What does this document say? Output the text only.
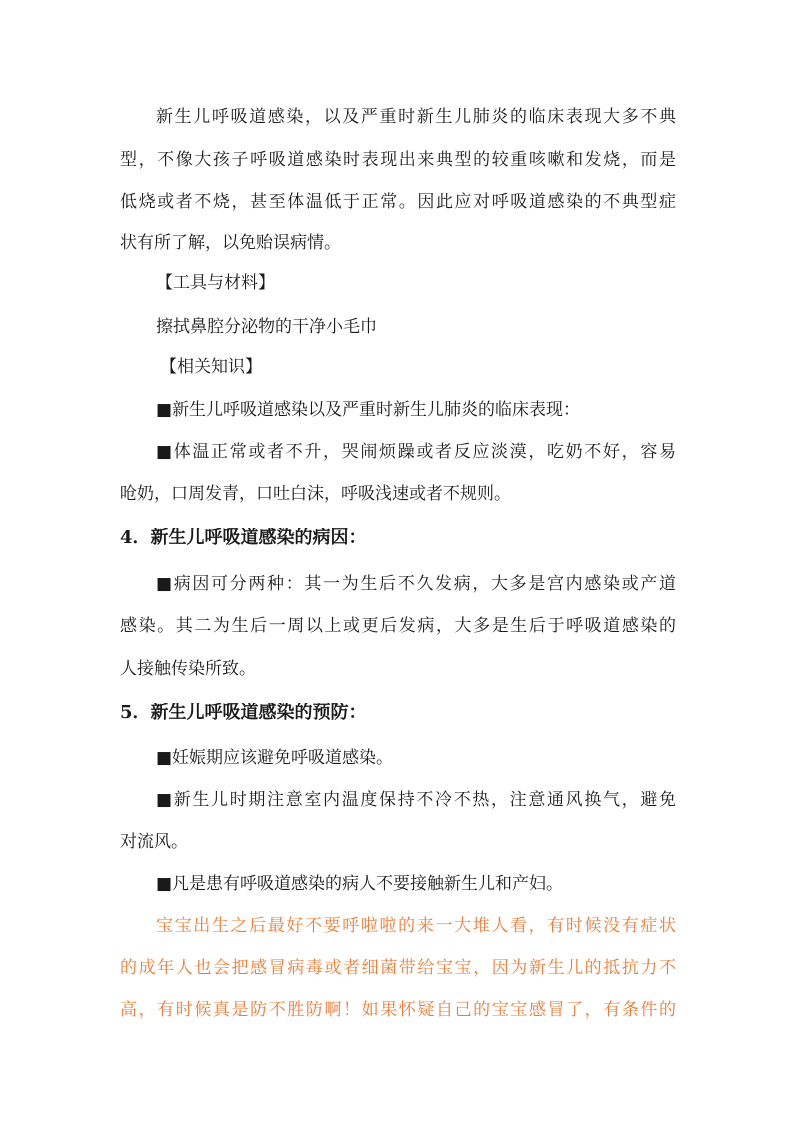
新生儿呼吸道感染，以及严重时新生儿肺炎的临床表现大多不典
型，不像大孩子呼吸道感染时表现出来典型的较重咳嗽和发烧，而是
低烧或者不烧，甚至体温低于正常。因此应对呼吸道感染的不典型症
状有所了解，以免贻误病情。
【工具与材料】
擦拭鼻腔分泌物的干净小毛巾
【相关知识】
■新生儿呼吸道感染以及严重时新生儿肺炎的临床表现：
■体温正常或者不升，哭闹烦躁或者反应淡漠，吃奶不好，容易
呛奶，口周发青，口吐白沫，呼吸浅速或者不规则。
4．新生儿呼吸道感染的病因：
■病因可分两种：其一为生后不久发病，大多是宫内感染或产道
感染。其二为生后一周以上或更后发病，大多是生后于呼吸道感染的
人接触传染所致。
5．新生儿呼吸道感染的预防：
■妊娠期应该避免呼吸道感染。
■新生儿时期注意室内温度保持不冷不热，注意通风换气，避免
对流风。
■凡是患有呼吸道感染的病人不要接触新生儿和产妇。
宝宝出生之后最好不要呼啦啦的来一大堆人看，有时候没有症状
的成年人也会把感冒病毒或者细菌带给宝宝，因为新生儿的抵抗力不
高，有时候真是防不胜防啊！如果怀疑自己的宝宝感冒了，有条件的
